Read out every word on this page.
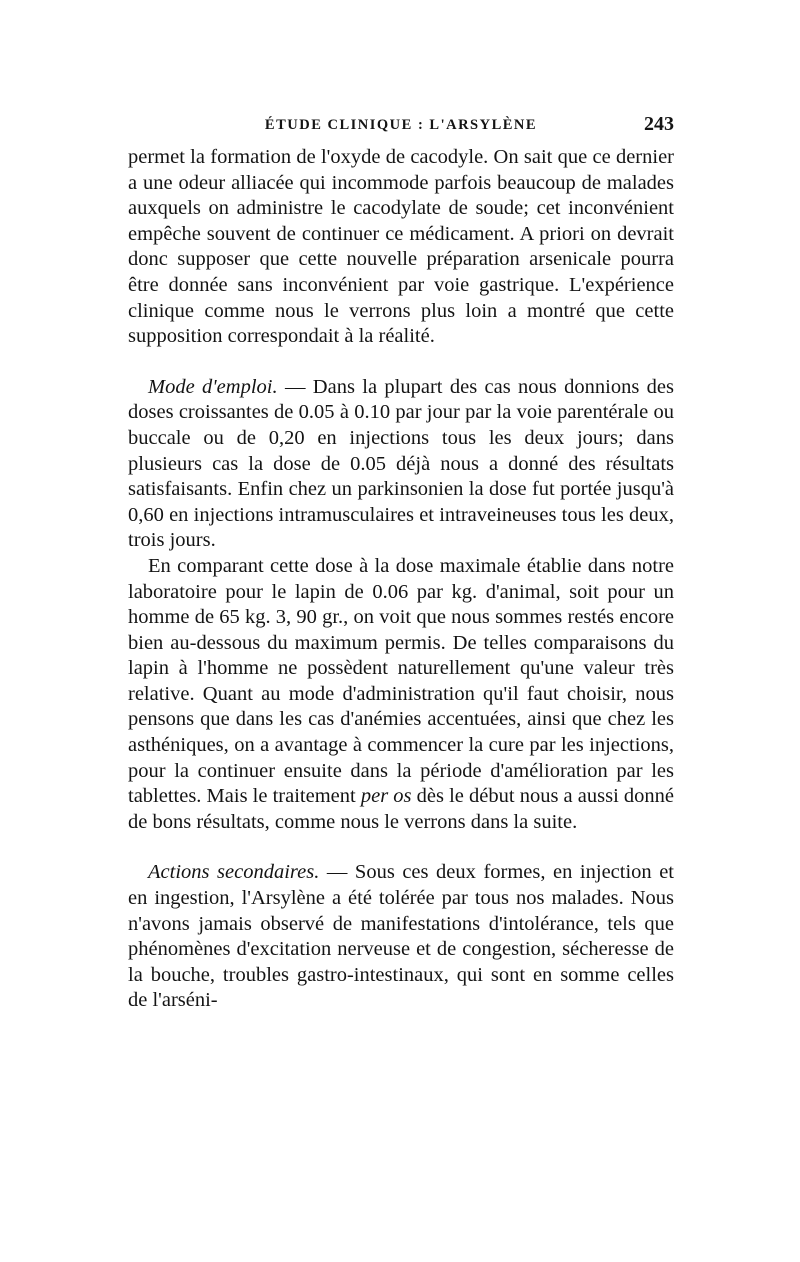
ÉTUDE CLINIQUE : L'ARSYLÈNE	243

permet la formation de l'oxyde de cacodyle. On sait que ce dernier a une odeur alliacée qui incommode parfois beaucoup de malades auxquels on administre le cacodylate de soude; cet inconvénient empêche souvent de continuer ce médicament. A priori on devrait donc supposer que cette nouvelle préparation arsenicale pourra être donnée sans inconvénient par voie gastrique. L'expérience clinique comme nous le verrons plus loin a montré que cette supposition correspondait à la réalité.

Mode d'emploi. — Dans la plupart des cas nous donnions des doses croissantes de 0.05 à 0.10 par jour par la voie parentérale ou buccale ou de 0,20 en injections tous les deux jours; dans plusieurs cas la dose de 0.05 déjà nous a donné des résultats satisfaisants. Enfin chez un parkinsonien la dose fut portée jusqu'à 0,60 en injections intramusculaires et intraveineuses tous les deux, trois jours.

En comparant cette dose à la dose maximale établie dans notre laboratoire pour le lapin de 0.06 par kg. d'animal, soit pour un homme de 65 kg. 3, 90 gr., on voit que nous sommes restés encore bien au-dessous du maximum permis. De telles comparaisons du lapin à l'homme ne possèdent naturellement qu'une valeur très relative. Quant au mode d'administration qu'il faut choisir, nous pensons que dans les cas d'anémies accentuées, ainsi que chez les asthéniques, on a avantage à commencer la cure par les injections, pour la continuer ensuite dans la période d'amélioration par les tablettes. Mais le traitement per os dès le début nous a aussi donné de bons résultats, comme nous le verrons dans la suite.

Actions secondaires. — Sous ces deux formes, en injection et en ingestion, l'Arsylène a été tolérée par tous nos malades. Nous n'avons jamais observé de manifestations d'intolérance, tels que phénomènes d'excitation nerveuse et de congestion, sécheresse de la bouche, troubles gastro-intestinaux, qui sont en somme celles de l'arséni-
